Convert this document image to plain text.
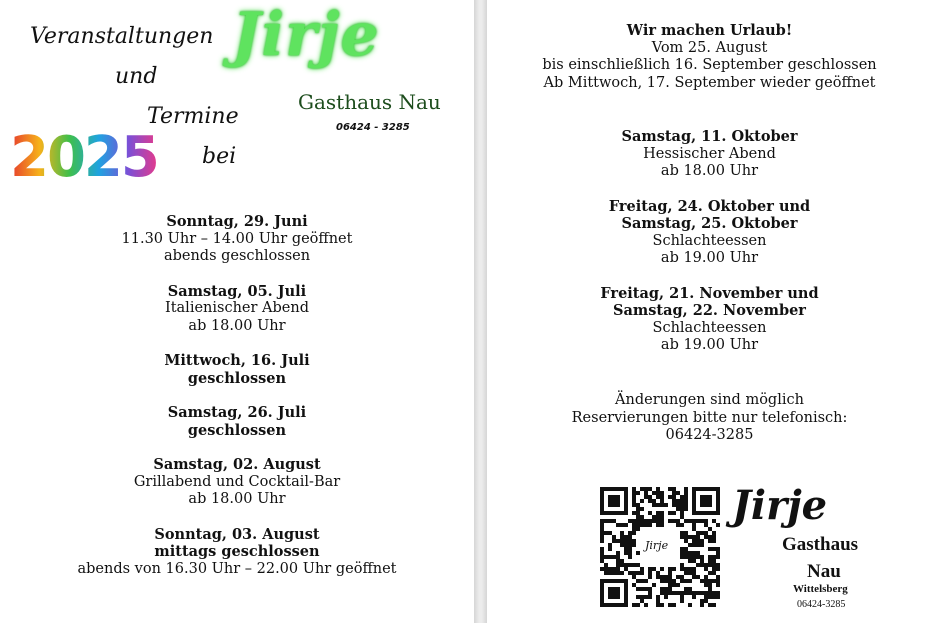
Veranstaltungen
und
Termine
bei
2025
Jirje
Gasthaus Nau
06424 - 3285
Sonntag, 29. Juni
11.30 Uhr – 14.00 Uhr geöffnet
abends geschlossen
Samstag, 05. Juli
Italienischer Abend
ab 18.00 Uhr
Mittwoch, 16. Juli
geschlossen
Samstag, 26. Juli
geschlossen
Samstag, 02. August
Grillabend und Cocktail-Bar
ab 18.00 Uhr
Sonntag, 03. August
mittags geschlossen
abends von 16.30 Uhr – 22.00 Uhr geöffnet
Wir machen Urlaub!
Vom 25. August
bis einschließlich 16. September geschlossen
Ab Mittwoch, 17. September wieder geöffnet
Samstag, 11. Oktober
Hessischer Abend
ab 18.00 Uhr
Freitag, 24. Oktober und
Samstag, 25. Oktober
Schlachteessen
ab 19.00 Uhr
Freitag, 21. November und
Samstag, 22. November
Schlachteessen
ab 19.00 Uhr
Änderungen sind möglich
Reservierungen bitte nur telefonisch:
06424-3285
Jirje
Jirje
Gasthaus
Nau
Wittelsberg
06424-3285
